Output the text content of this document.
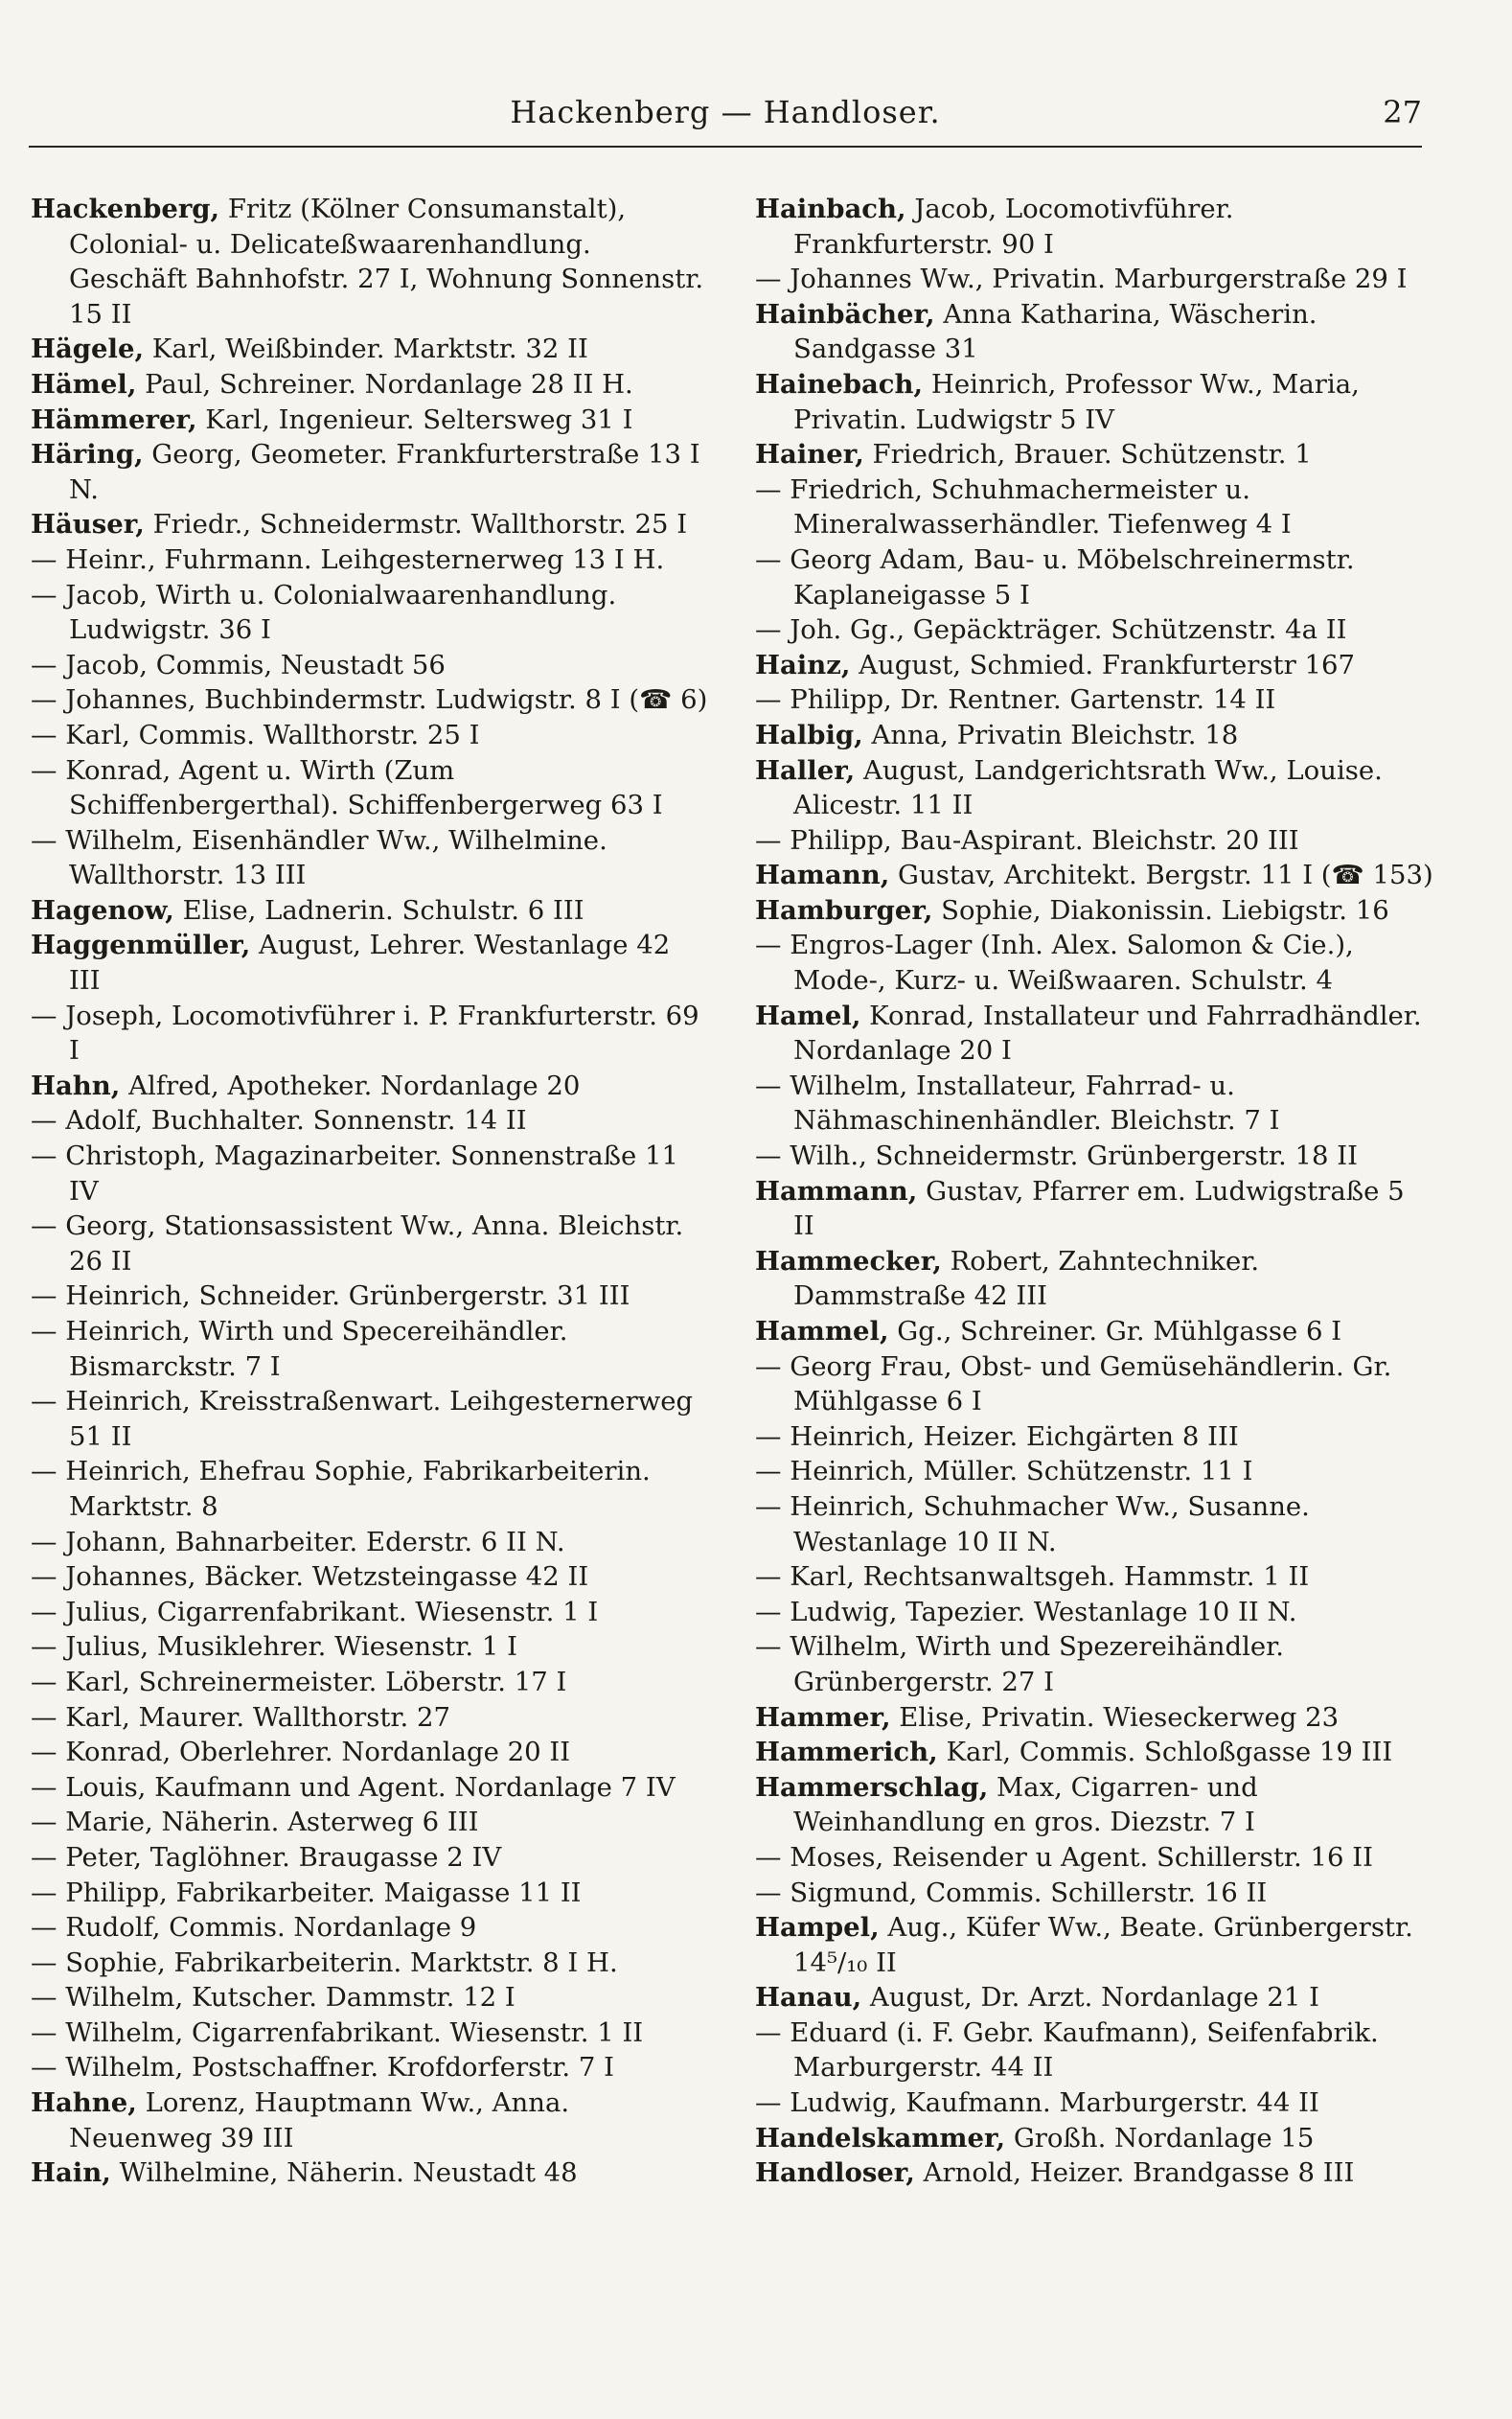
Hackenberg — Handloser.	27
Hackenberg, Fritz (Kölner Consumanstalt), Colonial- u. Delicateßwaarenhandlung. Geschäft Bahnhofstr. 27 I, Wohnung Sonnenstr. 15 II
Hägele, Karl, Weißbinder. Marktstr. 32 II
Hämel, Paul, Schreiner. Nordanlage 28 II H.
Hämmerer, Karl, Ingenieur. Selterswеg 31 I
Häring, Georg, Geometer. Frankfurterstraße 13 I N.
Häuser, Friedr., Schneidermstr. Wallthorstr. 25 I
— Heinr., Fuhrmann. Leihgesternerweg 13 I H.
— Jacob, Wirth u. Colonialwaarenhandlung. Ludwigstr. 36 I
— Jacob, Commis, Neustadt 56
— Johannes, Buchbindermstr. Ludwigstr. 8 I (☎ 6)
— Karl, Commis. Wallthorstr. 25 I
— Konrad, Agent u. Wirth (Zum Schiffenbergerthal). Schiffenbergerweg 63 I
— Wilhelm, Eisenhändler Ww., Wilhelmine. Wallthorstr. 13 III
Hagenow, Elise, Ladnerin. Schulstr. 6 III
Haggenmüller, August, Lehrer. Westanlage 42 III
— Joseph, Locomotivführer i. P. Frankfurterstr. 69 I
Hahn, Alfred, Apotheker. Nordanlage 20
— Adolf, Buchhalter. Sonnenstr. 14 II
— Christoph, Magazinarbeiter. Sonnenstraße 11 IV
— Georg, Stationsassistent Ww., Anna. Bleichstr. 26 II
— Heinrich, Schneider. Grünbergerstr. 31 III
— Heinrich, Wirth und Specereihändler. Bismarckstr. 7 I
— Heinrich, Kreisstraßenwart. Leihgesternerweg 51 II
— Heinrich, Ehefrau Sophie, Fabrikarbeiterin. Marktstr. 8
— Johann, Bahnarbeiter. Ederstr. 6 II N.
— Johannes, Bäcker. Wetzsteingasse 42 II
— Julius, Cigarrenfabrikant. Wiesenstr. 1 I
— Julius, Musiklehrer. Wiesenstr. 1 I
— Karl, Schreinermeister. Löberstr. 17 I
— Karl, Maurer. Wallthorstr. 27
— Konrad, Oberlehrer. Nordanlage 20 II
— Louis, Kaufmann und Agent. Nordanlage 7 IV
— Marie, Näherin. Asterweg 6 III
— Peter, Taglöhner. Braugasse 2 IV
— Philipp, Fabrikarbeiter. Maigasse 11 II
— Rudolf, Commis. Nordanlage 9
— Sophie, Fabrikarbeiterin. Marktstr. 8 I H.
— Wilhelm, Kutscher. Dammstr. 12 I
— Wilhelm, Cigarrenfabrikant. Wiesenstr. 1 II
— Wilhelm, Postschaffner. Krofdorferstr. 7 I
Hahne, Lorenz, Hauptmann Ww., Anna. Neuenweg 39 III
Hain, Wilhelmine, Näherin. Neustadt 48
Hainbach, Jacob, Locomotivführer. Frankfurterstr. 90 I
— Johannes Ww., Privatin. Marburgerstraße 29 I
Hainbächer, Anna Katharina, Wäscherin. Sandgasse 31
Hainebach, Heinrich, Professor Ww., Maria, Privatin. Ludwigstr 5 IV
Hainer, Friedrich, Brauer. Schützenstr. 1
— Friedrich, Schuhmachermeister u. Mineralwasserhändler. Tiefenweg 4 I
— Georg Adam, Bau- u. Möbelschreinermstr. Kaplaneigasse 5 I
— Joh. Gg., Gepäckträger. Schützenstr. 4a II
Hainz, August, Schmied. Frankfurterstr 167
— Philipp, Dr. Rentner. Gartenstr. 14 II
Halbig, Anna, Privatin Bleichstr. 18
Haller, August, Landgerichtsrath Ww., Louise. Alicestr. 11 II
— Philipp, Bau-Aspirant. Bleichstr. 20 III
Hamann, Gustav, Architekt. Bergstr. 11 I (☎ 153)
Hamburger, Sophie, Diakonissin. Liebigstr. 16
— Engros-Lager (Inh. Alex. Salomon & Cie.), Mode-, Kurz- u. Weißwaaren. Schulstr. 4
Hamel, Konrad, Installateur und Fahrradhändler. Nordanlage 20 I
— Wilhelm, Installateur, Fahrrad- u. Nähmaschinenhändler. Bleichstr. 7 I
— Wilh., Schneidermstr. Grünbergerstr. 18 II
Hammann, Gustav, Pfarrer em. Ludwigstraße 5 II
Hammecker, Robert, Zahntechniker. Dammstraße 42 III
Hammel, Gg., Schreiner. Gr. Mühlgasse 6 I
— Georg Frau, Obst- und Gemüsehändlerin. Gr. Mühlgasse 6 I
— Heinrich, Heizer. Eichgärten 8 III
— Heinrich, Müller. Schützenstr. 11 I
— Heinrich, Schuhmacher Ww., Susanne. Westanlage 10 II N.
— Karl, Rechtsanwaltsgeh. Hammstr. 1 II
— Ludwig, Tapezier. Westanlage 10 II N.
— Wilhelm, Wirth und Spezereihändler. Grünbergerstr. 27 I
Hammer, Elise, Privatin. Wieseckerweg 23
Hammerich, Karl, Commis. Schloßgasse 19 III
Hammerschlag, Max, Cigarren- und Weinhandlung en gros. Diezstr. 7 I
— Moses, Reisender u Agent. Schillerstr. 16 II
— Sigmund, Commis. Schillerstr. 16 II
Hampel, Aug., Küfer Ww., Beate. Grünbergerstr. 14⁵/₁₀ II
Hanau, August, Dr. Arzt. Nordanlage 21 I
— Eduard (i. F. Gebr. Kaufmann), Seifenfabrik. Marburgerstr. 44 II
— Ludwig, Kaufmann. Marburgerstr. 44 II
Handelskammer, Großh. Nordanlage 15
Handloser, Arnold, Heizer. Brandgasse 8 III
